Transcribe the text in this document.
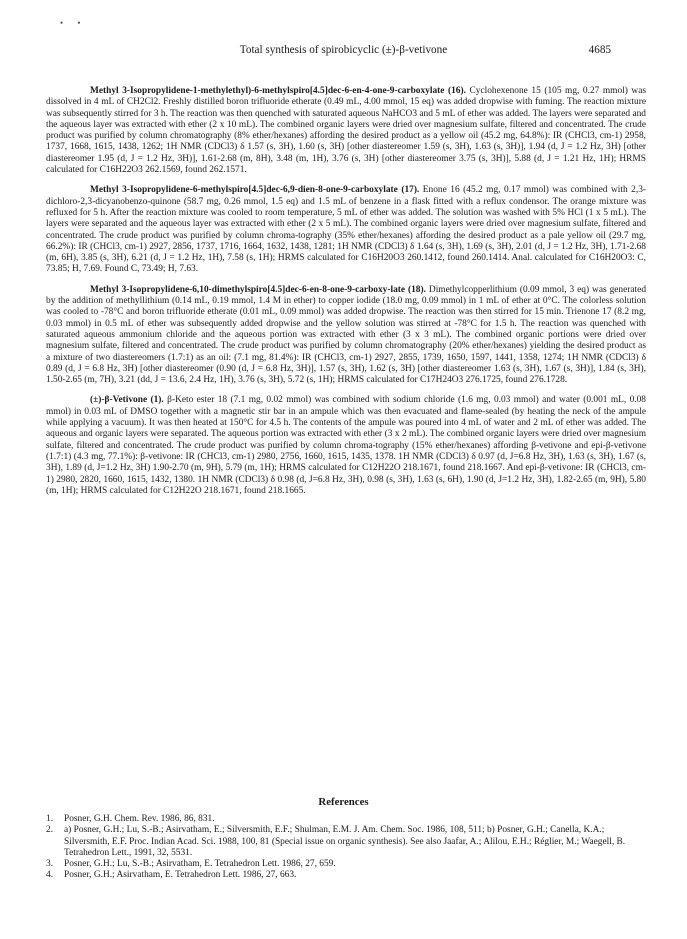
• •
Total synthesis of spirobicyclic (±)-β-vetivone	4685

Methyl 3-Isopropylidene-1-methylethyl)-6-methylspiro[4.5]dec-6-en-4-one-9-carboxylate (16). Cyclohexenone 15 (105 mg, 0.27 mmol) was dissolved in 4 mL of CH2Cl2. Freshly distilled boron trifluoride etherate (0.49 mL, 4.00 mmol, 15 eq) was added dropwise with fuming. The reaction mixture was subsequently stirred for 3 h. The reaction was then quenched with saturated aqueous NaHCO3 and 5 mL of ether was added. The layers were separated and the aqueous layer was extracted with ether (2 x 10 mL). The combined organic layers were dried over magnesium sulfate, filtered and concentrated. The crude product was purified by column chromatography (8% ether/hexanes) affording the desired product as a yellow oil (45.2 mg, 64.8%): IR (CHCl3, cm-1) 2958, 1737, 1668, 1615, 1438, 1262; 1H NMR (CDCl3) δ 1.57 (s, 3H), 1.60 (s, 3H) [other diastereomer 1.59 (s, 3H), 1.63 (s, 3H)], 1.94 (d, J = 1.2 Hz, 3H) [other diastereomer 1.95 (d, J = 1.2 Hz, 3H)], 1.61-2.68 (m, 8H), 3.48 (m, 1H), 3.76 (s, 3H) [other diastereomer 3.75 (s, 3H)], 5.88 (d, J = 1.21 Hz, 1H); HRMS calculated for C16H22O3 262.1569, found 262.1571.

Methyl 3-Isopropylidene-6-methylspiro[4.5]dec-6,9-dien-8-one-9-carboxylate (17). Enone 16 (45.2 mg, 0.17 mmol) was combined with 2,3-dichloro-2,3-dicyanobenzo-quinone (58.7 mg, 0.26 mmol, 1.5 eq) and 1.5 mL of benzene in a flask fitted with a reflux condensor. The orange mixture was refluxed for 5 h. After the reaction mixture was cooled to room temperature, 5 mL of ether was added. The solution was washed with 5% HCl (1 x 5 mL). The layers were separated and the aqueous layer was extracted with ether (2 x 5 mL). The combined organic layers were dried over magnesium sulfate, filtered and concentrated. The crude product was purified by column chroma-tography (35% ether/hexanes) affording the desired product as a pale yellow oil (29.7 mg, 66.2%): IR (CHCl3, cm-1) 2927, 2856, 1737, 1716, 1664, 1632, 1438, 1281; 1H NMR (CDCl3) δ 1.64 (s, 3H), 1.69 (s, 3H), 2.01 (d, J = 1.2 Hz, 3H), 1.71-2.68 (m, 6H), 3.85 (s, 3H), 6.21 (d, J = 1.2 Hz, 1H), 7.58 (s, 1H); HRMS calculated for C16H20O3 260.1412, found 260.1414. Anal. calculated for C16H20O3: C, 73.85; H, 7.69. Found C, 73.49; H, 7.63.

Methyl 3-Isopropylidene-6,10-dimethylspiro[4.5]dec-6-en-8-one-9-carboxy-late (18). Dimethylcopperlithium (0.09 mmol, 3 eq) was generated by the addition of methyllithium (0.14 mL, 0.19 mmol, 1.4 M in ether) to copper iodide (18.0 mg, 0.09 mmol) in 1 mL of ether at 0°C. The colorless solution was cooled to -78°C and boron trifluoride etherate (0.01 mL, 0.09 mmol) was added dropwise. The reaction was then stirred for 15 min. Trienone 17 (8.2 mg, 0.03 mmol) in 0.5 mL of ether was subsequently added dropwise and the yellow solution was stirred at -78°C for 1.5 h. The reaction was quenched with saturated aqueous ammonium chloride and the aqueous portion was extracted with ether (3 x 3 mL). The combined organic portions were dried over magnesium sulfate, filtered and concentrated. The crude product was purified by column chromatography (20% ether/hexanes) yielding the desired product as a mixture of two diastereomers (1.7:1) as an oil: (7.1 mg, 81.4%): IR (CHCl3, cm-1) 2927, 2855, 1739, 1650, 1597, 1441, 1358, 1274; 1H NMR (CDCl3) δ 0.89 (d, J = 6.8 Hz, 3H) [other diastereomer (0.90 (d, J = 6.8 Hz, 3H)], 1.57 (s, 3H), 1.62 (s, 3H) [other diastereomer 1.63 (s, 3H), 1.67 (s, 3H)], 1.84 (s, 3H), 1.50-2.65 (m, 7H), 3.21 (dd, J = 13.6, 2.4 Hz, 1H), 3.76 (s, 3H), 5.72 (s, 1H); HRMS calculated for C17H24O3 276.1725, found 276.1728.

(±)-β-Vetivone (1). β-Keto ester 18 (7.1 mg, 0.02 mmol) was combined with sodium chloride (1.6 mg, 0.03 mmol) and water (0.001 mL, 0.08 mmol) in 0.03 mL of DMSO together with a magnetic stir bar in an ampule which was then evacuated and flame-sealed (by heating the neck of the ampule while applying a vacuum). It was then heated at 150°C for 4.5 h. The contents of the ampule was poured into 4 mL of water and 2 mL of ether was added. The aqueous and organic layers were separated. The aqueous portion was extracted with ether (3 x 2 mL). The combined organic layers were dried over magnesium sulfate, filtered and concentrated. The crude product was purified by column chroma-tography (15% ether/hexanes) affording β-vetivone and epi-β-vetivone (1.7:1) (4.3 mg, 77.1%): β-vetivone: IR (CHCl3, cm-1) 2980, 2756, 1660, 1615, 1435, 1378. 1H NMR (CDCl3) δ 0.97 (d, J=6.8 Hz, 3H), 1.63 (s, 3H), 1.67 (s, 3H), 1.89 (d, J=1.2 Hz, 3H) 1.90-2.70 (m, 9H), 5.79 (m, 1H); HRMS calculated for C12H22O 218.1671, found 218.1667. And epi-β-vetivone: IR (CHCl3, cm-1) 2980, 2820, 1660, 1615, 1432, 1380. 1H NMR (CDCl3) δ 0.98 (d, J=6.8 Hz, 3H), 0.98 (s, 3H), 1.63 (s, 6H), 1.90 (d, J=1.2 Hz, 3H), 1.82-2.65 (m, 9H), 5.80 (m, 1H); HRMS calculated for C12H22O 218.1671, found 218.1665.

References
1.	Posner, G.H. Chem. Rev. 1986, 86, 831.
2.	a) Posner, G.H.; Lu, S.-B.; Asirvatham, E.; Silversmith, E.F.; Shulman, E.M. J. Am. Chem. Soc. 1986, 108, 511; b) Posner, G.H.; Canella, K.A.; Silversmith, E.F. Proc. Indian Acad. Sci. 1988, 100, 81 (Special issue on organic synthesis). See also Jaafar, A.; Alilou, E.H.; Réglier, M.; Waegell, B. Tetrahedron Lett., 1991, 32, 5531.
3.	Posner, G.H.; Lu, S.-B.; Asirvatham, E. Tetrahedron Lett. 1986, 27, 659.
4.	Posner, G.H.; Asirvatham, E. Tetrahedron Lett. 1986, 27, 663.
